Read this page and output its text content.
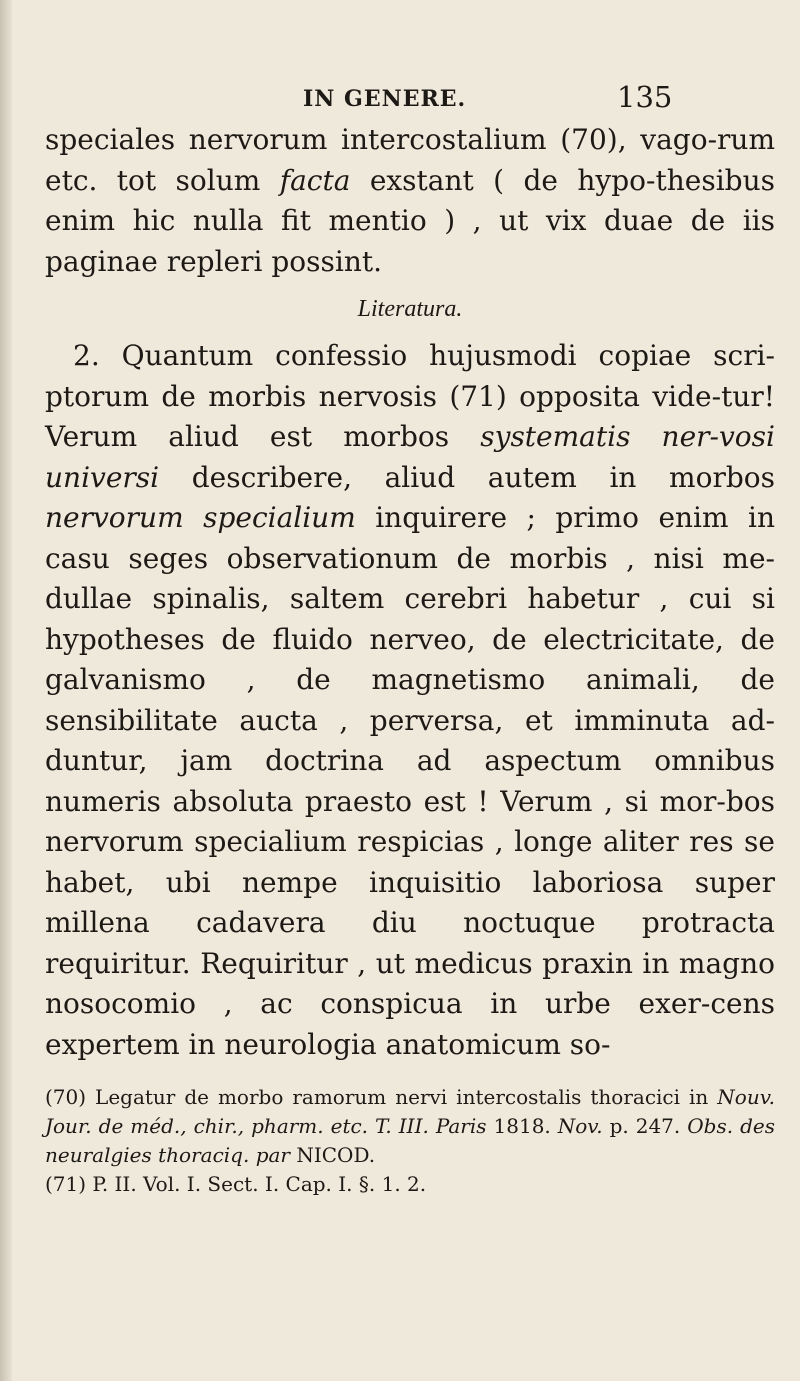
IN GENERE.	135

speciales nervorum intercostalium (70), vago-rum etc. tot solum facta exstant ( de hypo-thesibus enim hic nulla fit mentio ) , ut vix duae de iis paginae repleri possint.

Literatura.

2. Quantum confessio hujusmodi copiae scri-ptorum de morbis nervosis (71) opposita vide-tur! Verum aliud est morbos systematis ner-vosi universi describere, aliud autem in morbos nervorum specialium inquirere ; primo enim in casu seges observationum de morbis , nisi me-dullae spinalis, saltem cerebri habetur , cui si hypotheses de fluido nerveo, de electricitate, de galvanismo , de magnetismo animali, de sensibilitate aucta , perversa, et imminuta ad-duntur, jam doctrina ad aspectum omnibus numeris absoluta praesto est ! Verum , si mor-bos nervorum specialium respicias , longe aliter res se habet, ubi nempe inquisitio laboriosa super millena cadavera diu noctuque protracta requiritur. Requiritur , ut medicus praxin in magno nosocomio , ac conspicua in urbe exer-cens expertem in neurologia anatomicum so-

(70) Legatur de morbo ramorum nervi intercostalis thoracici in Nouv. Jour. de méd., chir., pharm. etc. T. III. Paris 1818. Nov. p. 247. Obs. des neuralgies thoraciq. par NICOD.

(71) P. II. Vol. I. Sect. I. Cap. I. §. 1. 2.
